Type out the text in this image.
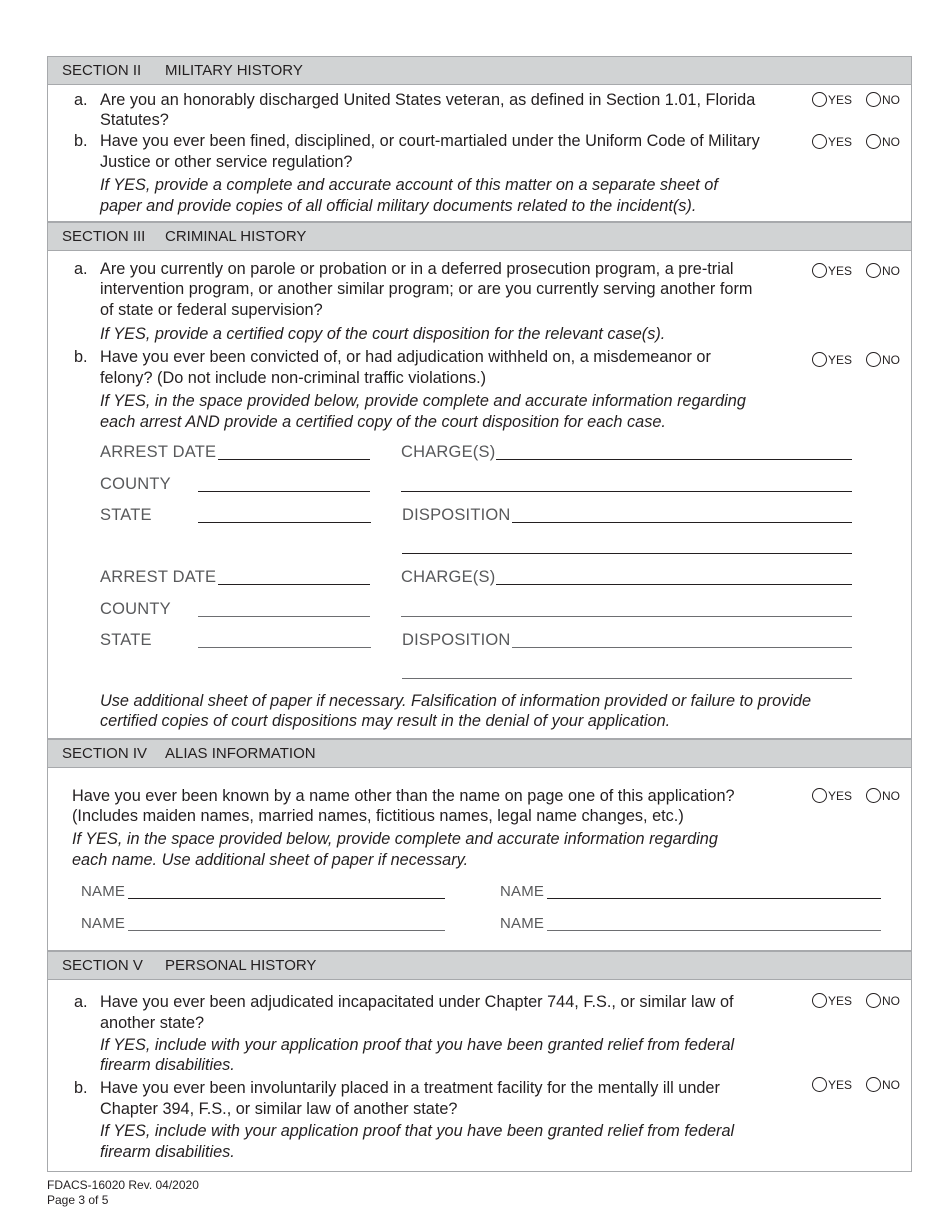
SECTION II	MILITARY HISTORY
a. Are you an honorably discharged United States veteran, as defined in Section 1.01, Florida
Statutes?
YES NO
b. Have you ever been fined, disciplined, or court-martialed under the Uniform Code of Military
Justice or other service regulation?
YES NO
If YES, provide a complete and accurate account of this matter on a separate sheet of
paper and provide copies of all official military documents related to the incident(s).
SECTION III	CRIMINAL HISTORY
a. Are you currently on parole or probation or in a deferred prosecution program, a pre-trial
intervention program, or another similar program; or are you currently serving another form
of state or federal supervision?
YES NO
If YES, provide a certified copy of the court disposition for the relevant case(s).
b. Have you ever been convicted of, or had adjudication withheld on, a misdemeanor or
felony? (Do not include non-criminal traffic violations.)
YES NO
If YES, in the space provided below, provide complete and accurate information regarding
each arrest AND provide a certified copy of the court disposition for each case.
ARREST DATE	CHARGE(S)
COUNTY
STATE	DISPOSITION
ARREST DATE	CHARGE(S)
COUNTY
STATE	DISPOSITION
Use additional sheet of paper if necessary. Falsification of information provided or failure to provide
certified copies of court dispositions may result in the denial of your application.
SECTION IV	ALIAS INFORMATION
Have you ever been known by a name other than the name on page one of this application?
(Includes maiden names, married names, fictitious names, legal name changes, etc.)
YES NO
If YES, in the space provided below, provide complete and accurate information regarding
each name. Use additional sheet of paper if necessary.
NAME	NAME
NAME	NAME
SECTION V	PERSONAL HISTORY
a. Have you ever been adjudicated incapacitated under Chapter 744, F.S., or similar law of
another state?
YES NO
If YES, include with your application proof that you have been granted relief from federal
firearm disabilities.
b. Have you ever been involuntarily placed in a treatment facility for the mentally ill under
Chapter 394, F.S., or similar law of another state?
YES NO
If YES, include with your application proof that you have been granted relief from federal
firearm disabilities.
FDACS-16020 Rev. 04/2020
Page 3 of 5
